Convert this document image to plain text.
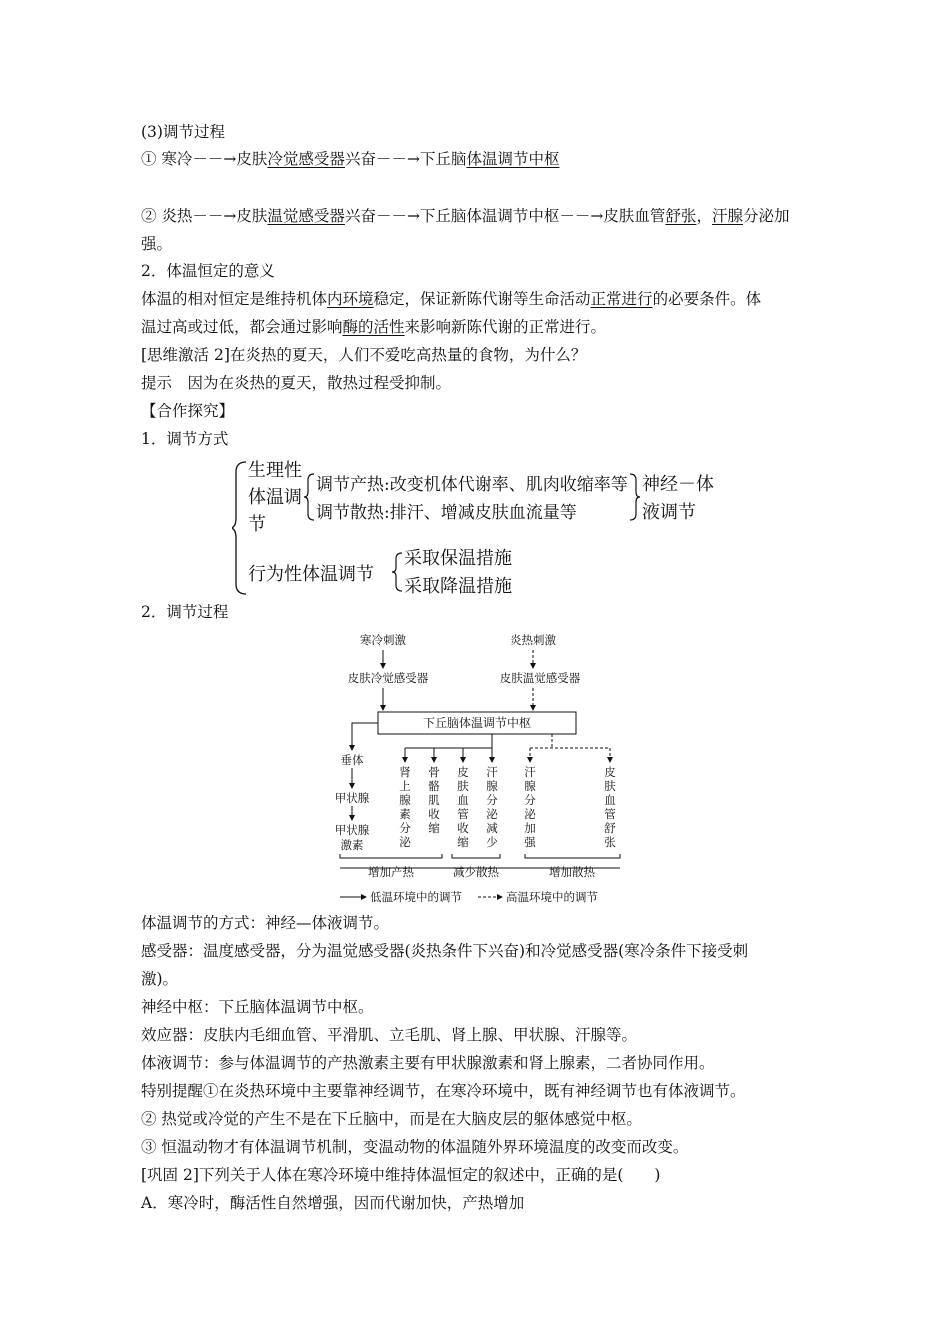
(3)调节过程
① 寒冷－－→皮肤冷觉感受器兴奋－－→下丘脑体温调节中枢
② 炎热－－→皮肤温觉感受器兴奋－－→下丘脑体温调节中枢－－→皮肤血管舒张，汗腺分泌加
强。
2．体温恒定的意义
体温的相对恒定是维持机体内环境稳定，保证新陈代谢等生命活动正常进行的必要条件。体
温过高或过低，都会通过影响酶的活性来影响新陈代谢的正常进行。
[思维激活 2]在炎热的夏天，人们不爱吃高热量的食物，为什么？
提示　因为在炎热的夏天，散热过程受抑制。
【合作探究】
1．调节方式
生理性
体温调
节
调节产热:改变机体代谢率、肌肉收缩率等
调节散热:排汗、增减皮肤血流量等
神经－体
液调节
行为性体温调节
采取保温措施
采取降温措施
2．调节过程
寒冷刺激	炎热刺激
皮肤冷觉感受器	皮肤温觉感受器
下丘脑体温调节中枢
垂体
甲状腺
甲状腺
激素
肾上腺素分泌
骨骼肌收缩
皮肤血管收缩
汗腺分泌减少
汗腺分泌加强
皮肤血管舒张
增加产热	减少散热	增加散热
低温环境中的调节	高温环境中的调节
体温调节的方式：神经—体液调节。
感受器：温度感受器，分为温觉感受器(炎热条件下兴奋)和冷觉感受器(寒冷条件下接受刺
激)。
神经中枢：下丘脑体温调节中枢。
效应器：皮肤内毛细血管、平滑肌、立毛肌、肾上腺、甲状腺、汗腺等。
体液调节：参与体温调节的产热激素主要有甲状腺激素和肾上腺素，二者协同作用。
特别提醒①在炎热环境中主要靠神经调节，在寒冷环境中，既有神经调节也有体液调节。
② 热觉或冷觉的产生不是在下丘脑中，而是在大脑皮层的躯体感觉中枢。
③ 恒温动物才有体温调节机制，变温动物的体温随外界环境温度的改变而改变。
[巩固 2]下列关于人体在寒冷环境中维持体温恒定的叙述中，正确的是(　　)
A．寒冷时，酶活性自然增强，因而代谢加快，产热增加
